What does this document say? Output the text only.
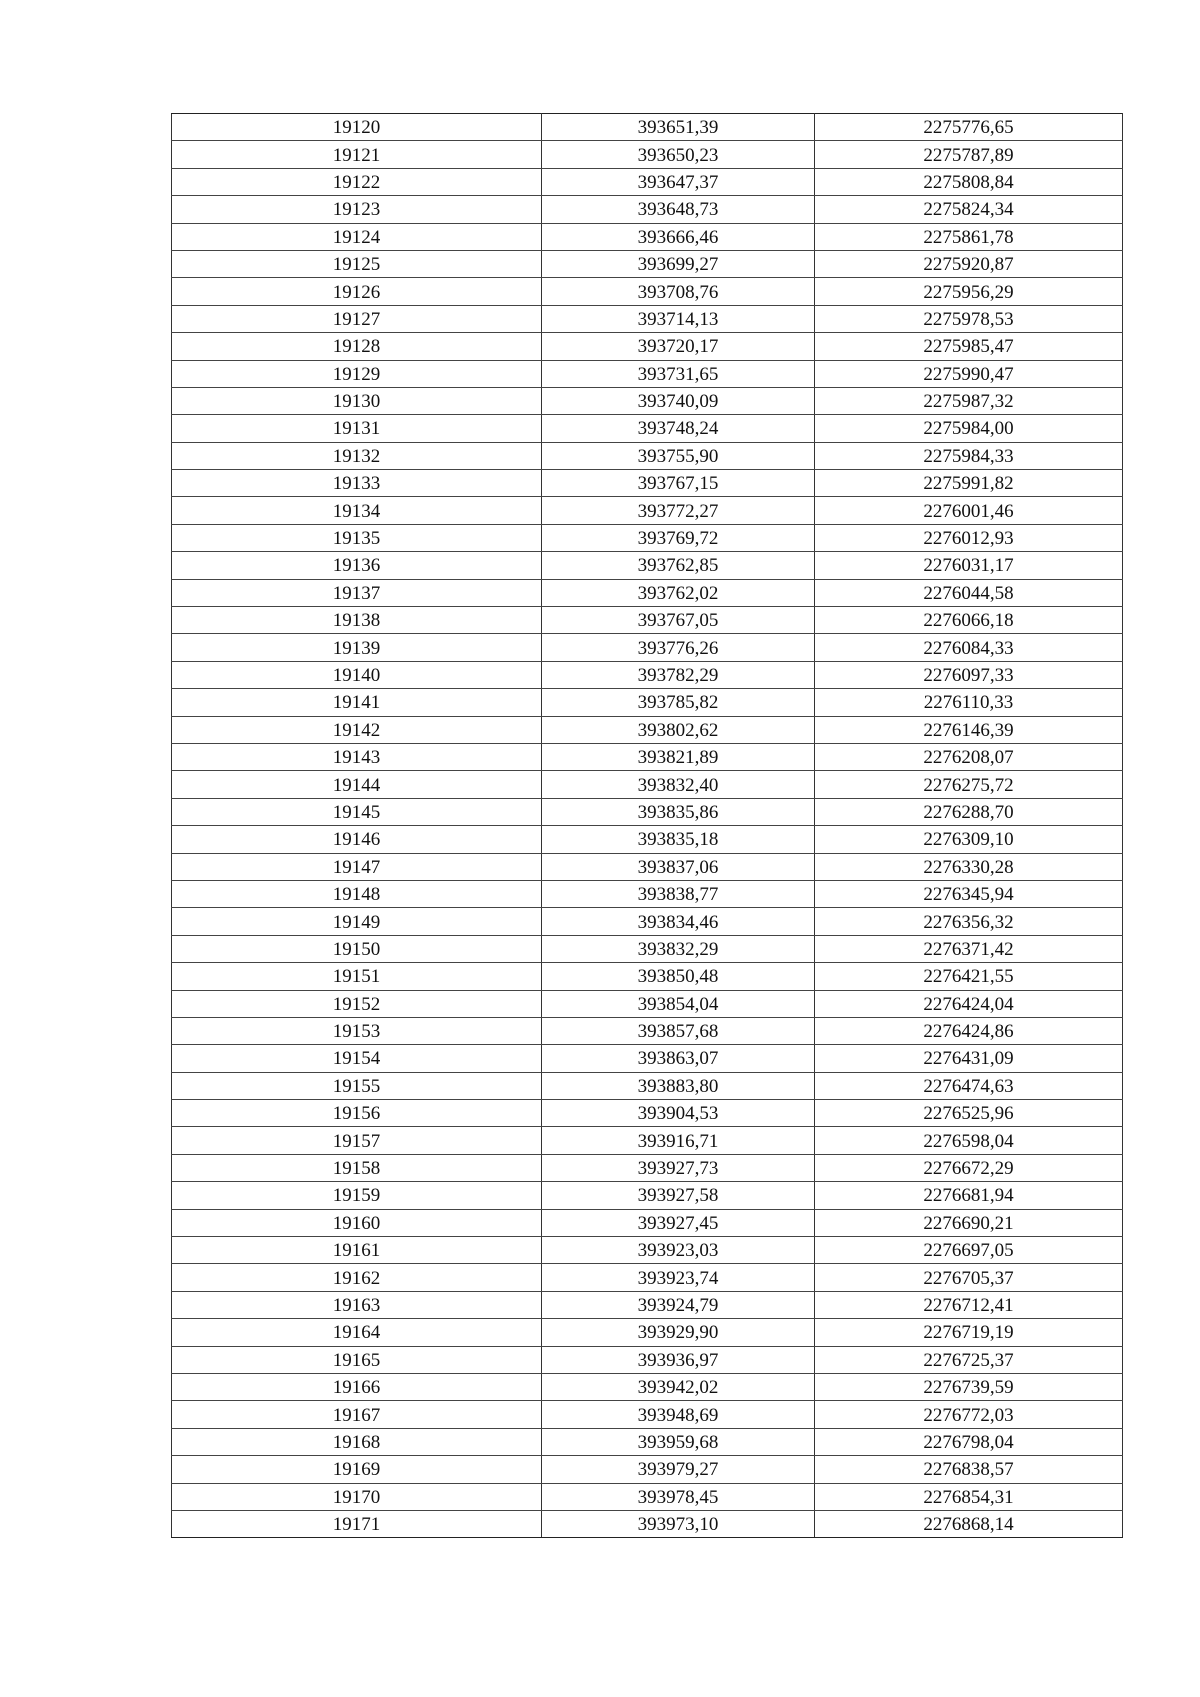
19120	393651,39	2275776,65
19121	393650,23	2275787,89
19122	393647,37	2275808,84
19123	393648,73	2275824,34
19124	393666,46	2275861,78
19125	393699,27	2275920,87
19126	393708,76	2275956,29
19127	393714,13	2275978,53
19128	393720,17	2275985,47
19129	393731,65	2275990,47
19130	393740,09	2275987,32
19131	393748,24	2275984,00
19132	393755,90	2275984,33
19133	393767,15	2275991,82
19134	393772,27	2276001,46
19135	393769,72	2276012,93
19136	393762,85	2276031,17
19137	393762,02	2276044,58
19138	393767,05	2276066,18
19139	393776,26	2276084,33
19140	393782,29	2276097,33
19141	393785,82	2276110,33
19142	393802,62	2276146,39
19143	393821,89	2276208,07
19144	393832,40	2276275,72
19145	393835,86	2276288,70
19146	393835,18	2276309,10
19147	393837,06	2276330,28
19148	393838,77	2276345,94
19149	393834,46	2276356,32
19150	393832,29	2276371,42
19151	393850,48	2276421,55
19152	393854,04	2276424,04
19153	393857,68	2276424,86
19154	393863,07	2276431,09
19155	393883,80	2276474,63
19156	393904,53	2276525,96
19157	393916,71	2276598,04
19158	393927,73	2276672,29
19159	393927,58	2276681,94
19160	393927,45	2276690,21
19161	393923,03	2276697,05
19162	393923,74	2276705,37
19163	393924,79	2276712,41
19164	393929,90	2276719,19
19165	393936,97	2276725,37
19166	393942,02	2276739,59
19167	393948,69	2276772,03
19168	393959,68	2276798,04
19169	393979,27	2276838,57
19170	393978,45	2276854,31
19171	393973,10	2276868,14
